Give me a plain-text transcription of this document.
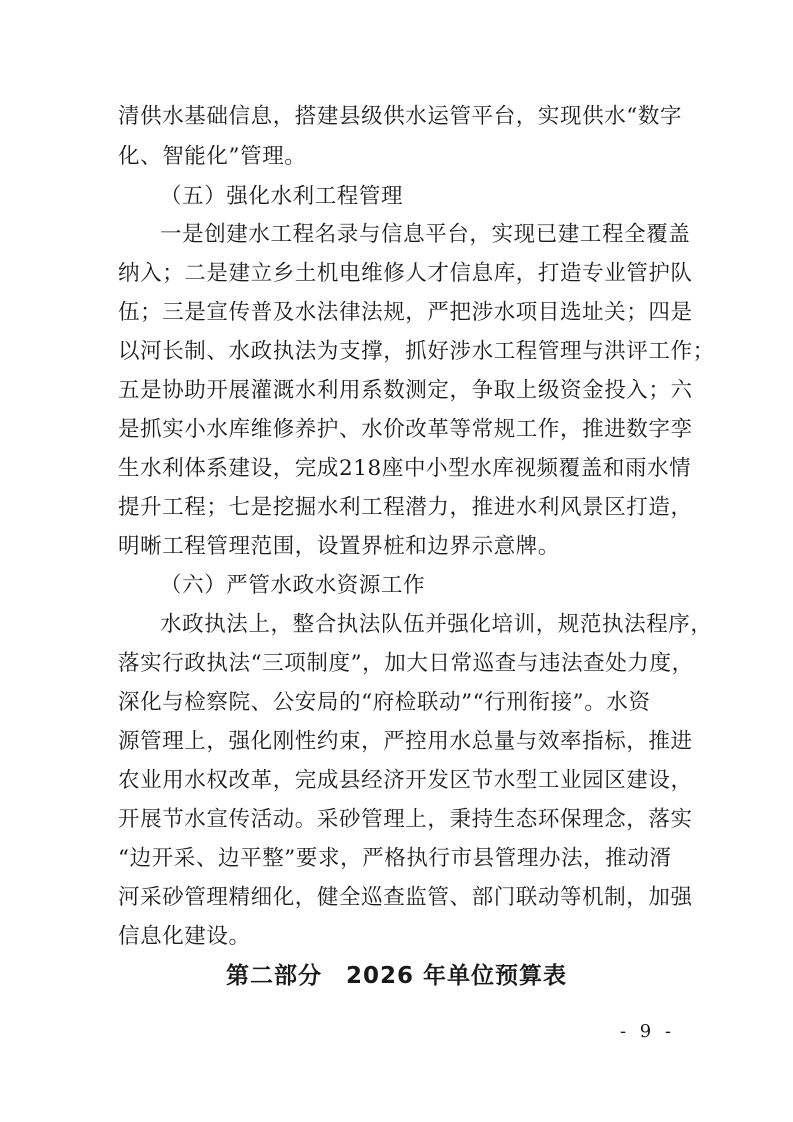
清供水基础信息，搭建县级供水运管平台，实现供水“数字
化、智能化”管理。
（五）强化水利工程管理
一是创建水工程名录与信息平台，实现已建工程全覆盖
纳入；二是建立乡土机电维修人才信息库，打造专业管护队
伍；三是宣传普及水法律法规，严把涉水项目选址关；四是
以河长制、水政执法为支撑，抓好涉水工程管理与洪评工作；
五是协助开展灌溉水利用系数测定，争取上级资金投入；六
是抓实小水库维修养护、水价改革等常规工作，推进数字孪
生水利体系建设，完成218座中小型水库视频覆盖和雨水情
提升工程；七是挖掘水利工程潜力，推进水利风景区打造，
明晰工程管理范围，设置界桩和边界示意牌。
（六）严管水政水资源工作
水政执法上，整合执法队伍并强化培训，规范执法程序，
落实行政执法“三项制度”，加大日常巡查与违法查处力度，
深化与检察院、公安局的“府检联动”“行刑衔接”。水资
源管理上，强化刚性约束，严控用水总量与效率指标，推进
农业用水权改革，完成县经济开发区节水型工业园区建设，
开展节水宣传活动。采砂管理上，秉持生态环保理念，落实
“边开采、边平整”要求，严格执行市县管理办法，推动湑
河采砂管理精细化，健全巡查监管、部门联动等机制，加强
信息化建设。
第二部分　2026 年单位预算表
- 9 -
